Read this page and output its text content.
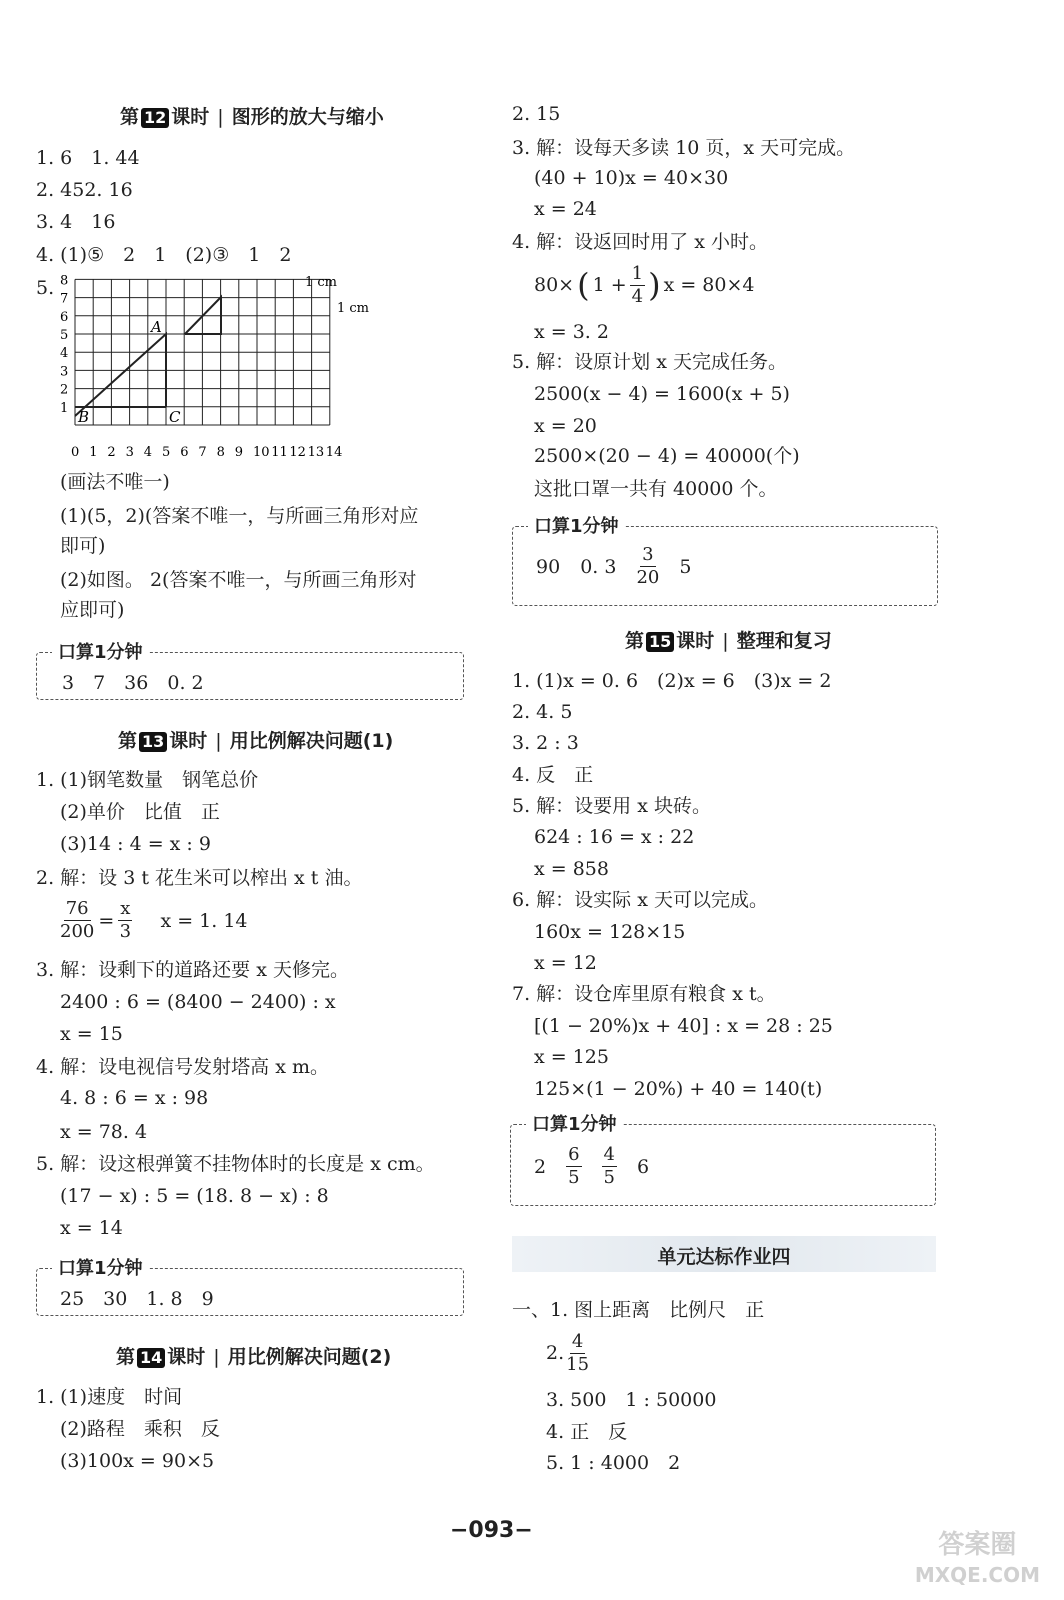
第 12 课时 | 图形的放大与缩小
1. 6　1. 44
2. 452. 16
3. 4　16
4. (1)⑤　2　1　(2)③　1　2
5.
A
B	C
1 cm
1 cm
0 1 2 3 4 5 6 7 8 9 10 11 12 13 14
1
2
3
4
5
6
7
8
(画法不唯一)
(1)(5，2)(答案不唯一，与所画三角形对应
即可)
(2)如图。 2(答案不唯一，与所画三角形对
应即可)
口算1分钟
3　7　36　0. 2
第 13 课时 | 用比例解决问题(1)
1. (1)钢笔数量　钢笔总价
(2)单价　比值　正
(3)14 : 4 = x : 9
2. 解：设 3 t 花生米可以榨出 x t 油。
$\frac{76}{200} = \frac{x}{3}$ x = 1. 14
3. 解：设剩下的道路还要 x 天修完。
2400 : 6 = (8400 − 2400) : x
x = 15
4. 解：设电视信号发射塔高 x m。
4. 8 : 6 = x : 98
x = 78. 4
5. 解：设这根弹簧不挂物体时的长度是 x cm。
(17 − x) : 5 = (18. 8 − x) : 8
x = 14
口算1分钟
25　30　1. 8　9
第 14 课时 | 用比例解决问题(2)
1. (1)速度　时间
(2)路程　乘积　反
(3)100x = 90×5
2. 15
3. 解：设每天多读 10 页，x 天可完成。
(40 + 10)x = 40×30
x = 24
4. 解：设返回时用了 x 小时。
80× ( $1 + \frac{1}{4}$ ) x = 80×4
x = 3. 2
5. 解：设原计划 x 天完成任务。
2500(x − 4) = 1600(x + 5)
x = 20
2500×(20 − 4) = 40000(个)
这批口罩一共有 40000 个。
口算1分钟
90 0. $3 \frac{3}{20} 5$
第 15 课时 | 整理和复习
1. (1)x = 0. 6　(2)x = 6　(3)x = 2
2. 4. 5
3. 2 : 3
4. 反　正
5. 解：设要用 x 块砖。
624 : 16 = x : 22
x = 858
6. 解：设实际 x 天可以完成。
160x = 128×15
x = 12
7. 解：设仓库里原有粮食 x t。
[(1 − 20%)x + 40] : x = 28 : 25
x = 125
125×(1 − 20%) + 40 = 140(t)
口算1分钟
$2 \frac{6}{5} \frac{4}{5} 6$
单元达标作业四
一、1. 图上距离　比例尺　正
2. $\frac{4}{15}$
3. 500　1 : 50000
4. 正　反
5. 1 : 4000　2
−093−	答案圈
MXQE.COM
